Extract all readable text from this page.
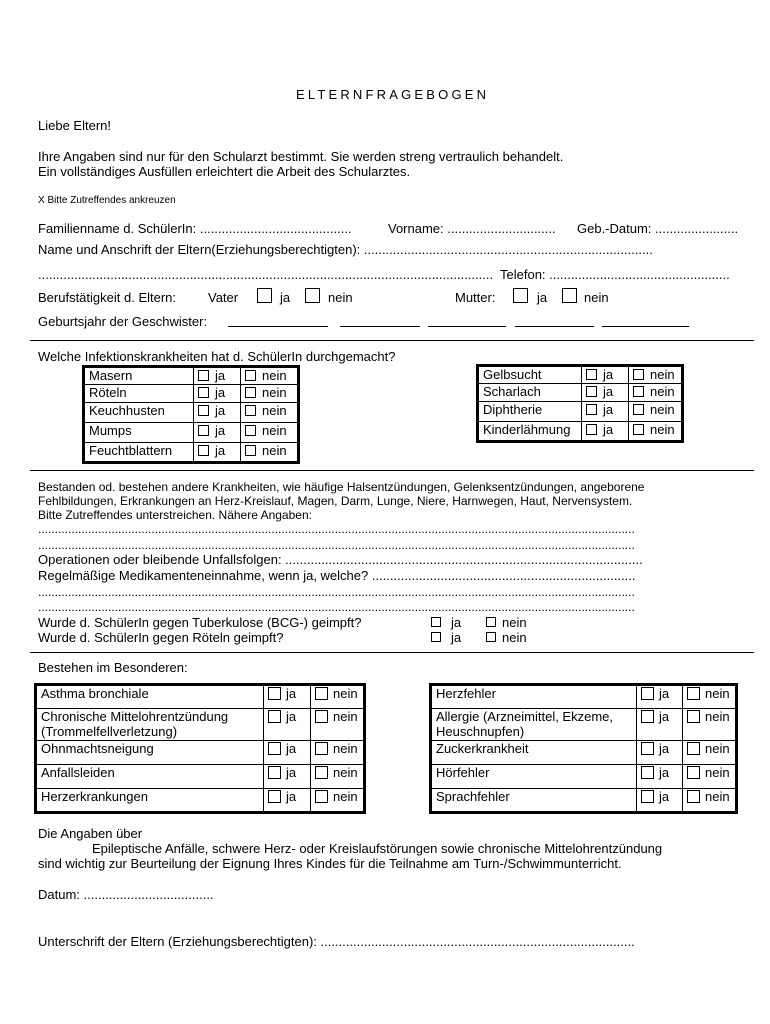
ELTERNFRAGEBOGEN
Liebe Eltern!
Ihre Angaben sind nur für den Schularzt bestimmt. Sie werden streng vertraulich behandelt.
Ein vollständiges Ausfüllen erleichtert die Arbeit des Schularztes.
X Bitte Zutreffendes ankreuzen
Familienname d. SchülerIn: ..........................................	Vorname: .............................. Geb.-Datum: .......................
Name und Anschrift der Eltern(Erziehungsberechtigten): ................................................................................
.............................................................................................................................. Telefon: ..................................................
Berufstätigkeit d. Eltern: Vater	ja	nein	Mutter:	ja	nein
Geburtsjahr der Geschwister:
Welche Infektionskrankheiten hat d. SchülerIn durchgemacht?
Masern	ja	nein
Röteln	ja	nein
Keuchhusten	ja	nein
Mumps	ja	nein
Feuchtblattern	ja	nein
Gelbsucht	ja	nein
Scharlach	ja	nein
Diphtherie	ja	nein
Kinderlähmung	ja	nein
Bestanden od. bestehen andere Krankheiten, wie häufige Halsentzündungen, Gelenksentzündungen, angeborene
Fehlbildungen, Erkrankungen an Herz-Kreislauf, Magen, Darm, Lunge, Niere, Harnwegen, Haut, Nervensystem.
Bitte Zutreffendes unterstreichen. Nähere Angaben:
...................................................................................................................................................................................
...................................................................................................................................................................................
Operationen oder bleibende Unfallsfolgen: ...................................................................................................
Regelmäßige Medikamenteneinnahme, wenn ja, welche? .........................................................................
...................................................................................................................................................................................
...................................................................................................................................................................................
Wurde d. SchülerIn gegen Tuberkulose (BCG-) geimpft?	ja	nein
Wurde d. SchülerIn gegen Röteln geimpft?	ja	nein
Bestehen im Besonderen:
Asthma bronchiale	ja	nein

Chronische Mittelohrentzündung
(Trommelfellverletzung)	ja	nein
Ohnmachtsneigung	ja	nein
Anfallsleiden	ja	nein
Herzerkrankungen	ja	nein
Herzfehler	ja	nein

Allergie (Arzneimittel, Ekzeme,
Heuschnupfen)	ja	nein
Zuckerkrankheit	ja	nein
Hörfehler	ja	nein
Sprachfehler	ja	nein
Die Angaben über
Epileptische Anfälle, schwere Herz- oder Kreislaufstörungen sowie chronische Mittelohrentzündung
sind wichtig zur Beurteilung der Eignung Ihres Kindes für die Teilnahme am Turn-/Schwimmunterricht.
Datum: ....................................
Unterschrift der Eltern (Erziehungsberechtigten): .......................................................................................
